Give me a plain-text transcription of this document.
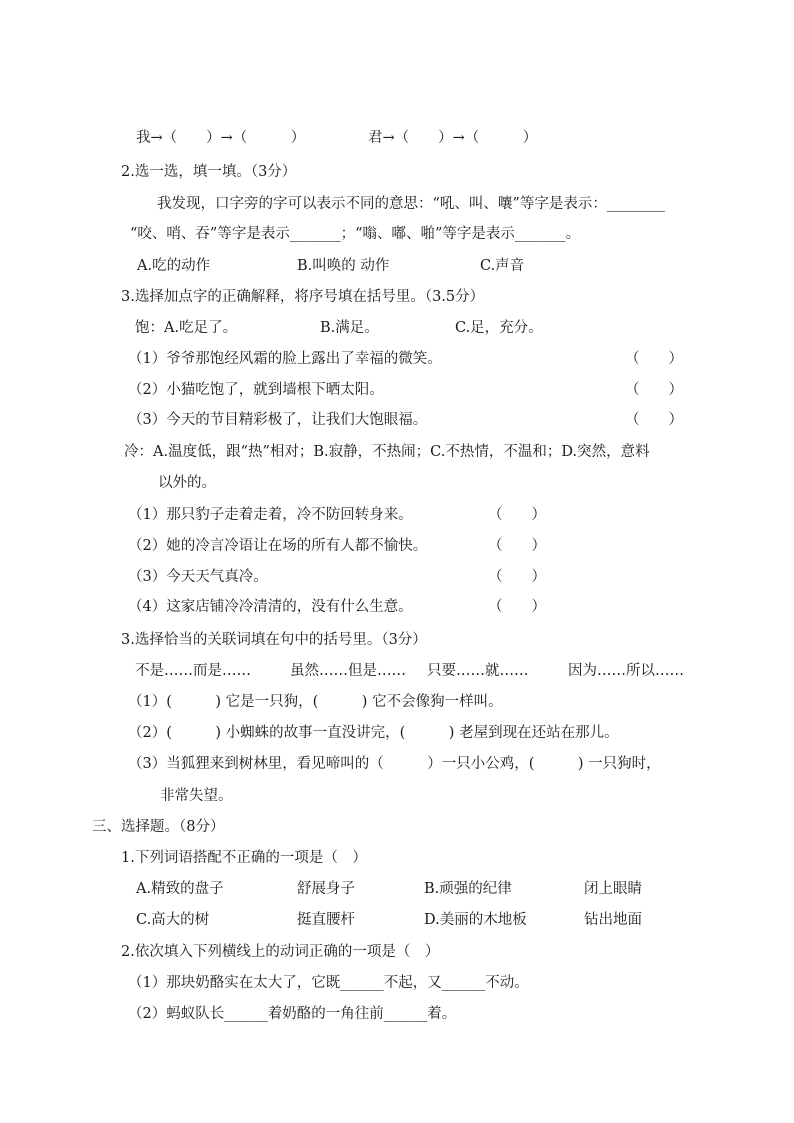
我→（　　）→（　　　）	君→（　　）→（　　　）
2.选一选，填一填。（3分）
我发现，口字旁的字可以表示不同的意思：“吼、叫、嚷”等字是表示：________
“咬、哨、吞”等字是表示_______；“嗡、嘟、啪”等字是表示_______。
A.吃的动作	B.叫唤的 动作	C.声音
3.选择加点字的正确解释，将序号填在括号里。（3.5分）
饱：A.吃足了。	B.满足。	C.足，充分。
（1）爷爷那饱经风霜的脸上露出了幸福的微笑。	（　　）
（2）小猫吃饱了，就到墙根下晒太阳。	（　　）
（3）今天的节目精彩极了，让我们大饱眼福。	（　　）
冷：A.温度低，跟“热”相对；B.寂静，不热闹；C.不热情，不温和；D.突然，意料
以外的。
（1）那只豹子走着走着，冷不防回转身来。	（　　）
（2）她的冷言冷语让在场的所有人都不愉快。	（　　）
（3）今天天气真冷。	（　　）
（4）这家店铺冷冷清清的，没有什么生意。	（　　）
3.选择恰当的关联词填在句中的括号里。（3分）
不是……而是……	虽然……但是…… 只要……就……	因为……所以……
（1）(　　　) 它是一只狗，(　　　) 它不会像狗一样叫。
（2）(　　　) 小蜘蛛的故事一直没讲完，(　　　) 老屋到现在还站在那儿。
（3）当狐狸来到树林里，看见啼叫的（　　　）一只小公鸡，(　　　) 一只狗时，
非常失望。
三、选择题。（8分）
1.下列词语搭配不正确的一项是（　）
A.精致的盘子	舒展身子	B.顽强的纪律	闭上眼睛
C.高大的树	挺直腰杆	D.美丽的木地板	钻出地面
2.依次填入下列横线上的动词正确的一项是（　）
（1）那块奶酪实在太大了，它既______不起，又______不动。
（2）蚂蚁队长______着奶酪的一角往前______着。
